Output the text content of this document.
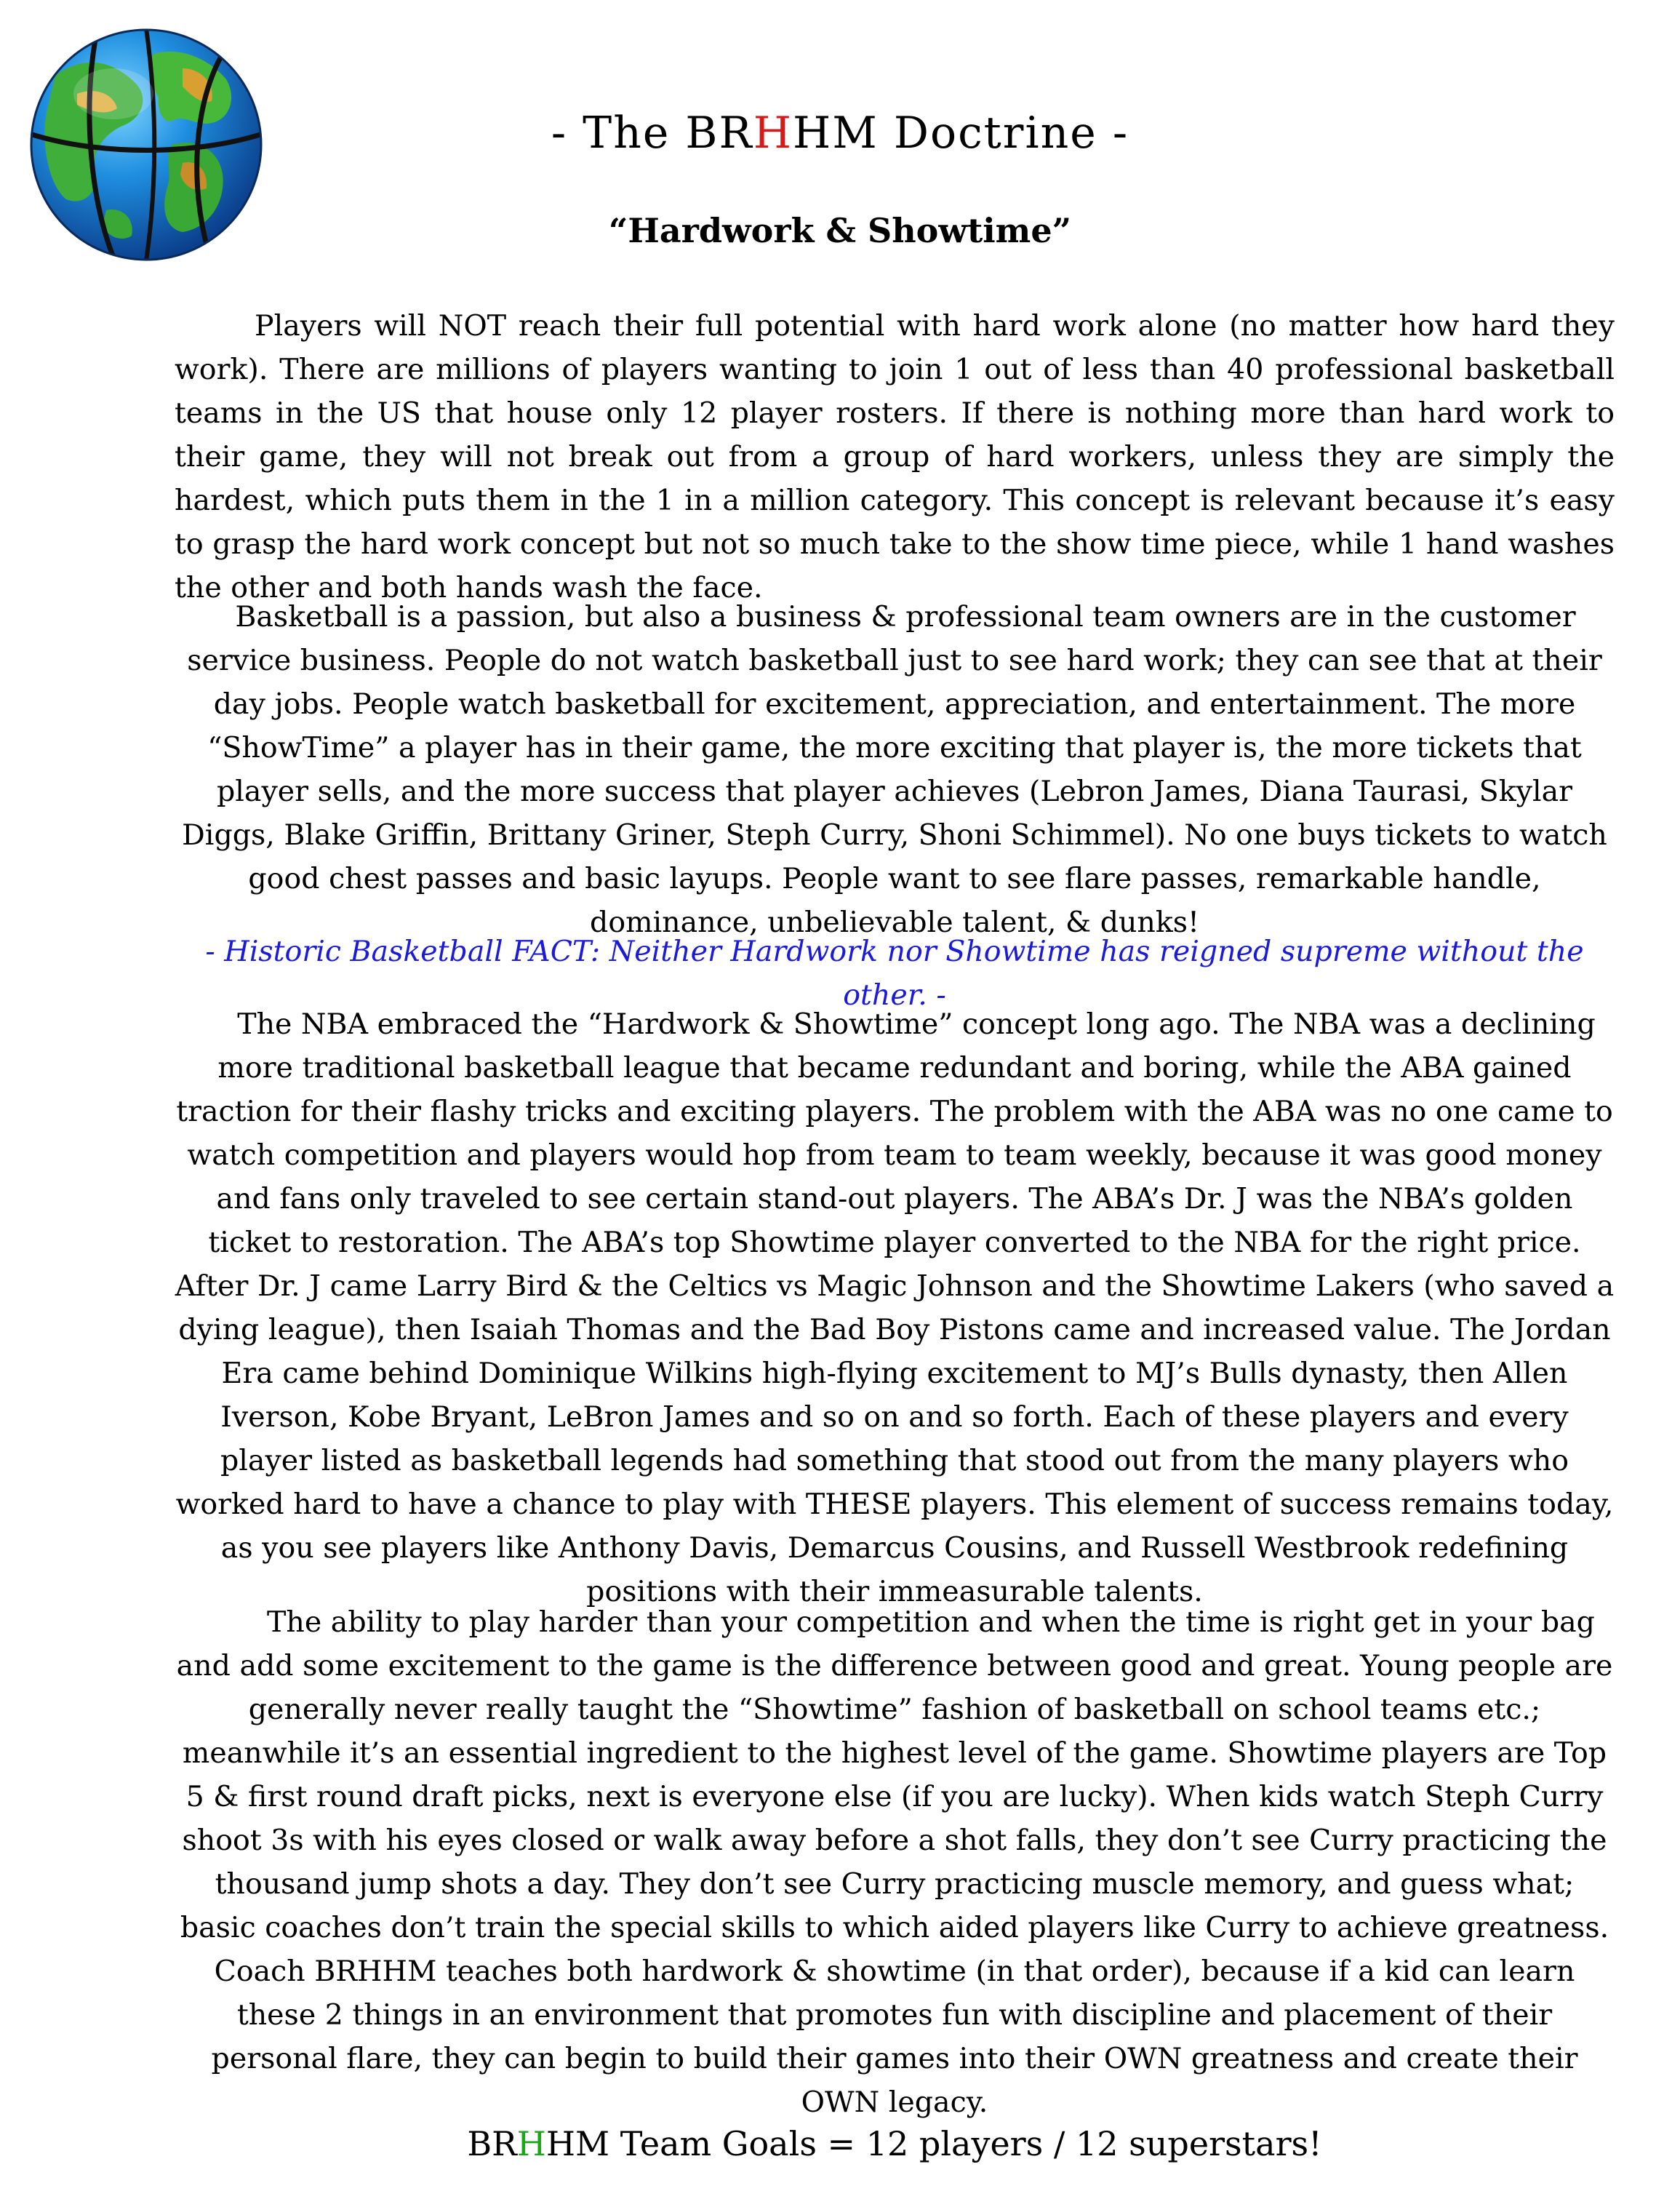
- The BRHHM Doctrine -
“Hardwork & Showtime”

Players will NOT reach their full potential with hard work alone (no matter how hard they work). There are millions of players wanting to join 1 out of less than 40 professional basketball teams in the US that house only 12 player rosters. If there is nothing more than hard work to their game, they will not break out from a group of hard workers, unless they are simply the hardest, which puts them in the 1 in a million category. This concept is relevant because it’s easy to grasp the hard work concept but not so much take to the show time piece, while 1 hand washes the other and both hands wash the face.

Basketball is a passion, but also a business & professional team owners are in the customer service business. People do not watch basketball just to see hard work; they can see that at their day jobs. People watch basketball for excitement, appreciation, and entertainment. The more “ShowTime” a player has in their game, the more exciting that player is, the more tickets that player sells, and the more success that player achieves (Lebron James, Diana Taurasi, Skylar Diggs, Blake Griffin, Brittany Griner, Steph Curry, Shoni Schimmel). No one buys tickets to watch good chest passes and basic layups. People want to see flare passes, remarkable handle, dominance, unbelievable talent, & dunks!

- Historic Basketball FACT: Neither Hardwork nor Showtime has reigned supreme without the other. -

The NBA embraced the “Hardwork & Showtime” concept long ago. The NBA was a declining more traditional basketball league that became redundant and boring, while the ABA gained traction for their flashy tricks and exciting players. The problem with the ABA was no one came to watch competition and players would hop from team to team weekly, because it was good money and fans only traveled to see certain stand-out players. The ABA’s Dr. J was the NBA’s golden ticket to restoration. The ABA’s top Showtime player converted to the NBA for the right price. After Dr. J came Larry Bird & the Celtics vs Magic Johnson and the Showtime Lakers (who saved a dying league), then Isaiah Thomas and the Bad Boy Pistons came and increased value. The Jordan Era came behind Dominique Wilkins high-flying excitement to MJ’s Bulls dynasty, then Allen Iverson, Kobe Bryant, LeBron James and so on and so forth. Each of these players and every player listed as basketball legends had something that stood out from the many players who worked hard to have a chance to play with THESE players. This element of success remains today, as you see players like Anthony Davis, Demarcus Cousins, and Russell Westbrook redefining positions with their immeasurable talents.

The ability to play harder than your competition and when the time is right get in your bag and add some excitement to the game is the difference between good and great. Young people are generally never really taught the “Showtime” fashion of basketball on school teams etc.; meanwhile it’s an essential ingredient to the highest level of the game. Showtime players are Top 5 & first round draft picks, next is everyone else (if you are lucky). When kids watch Steph Curry shoot 3s with his eyes closed or walk away before a shot falls, they don’t see Curry practicing the thousand jump shots a day. They don’t see Curry practicing muscle memory, and guess what; basic coaches don’t train the special skills to which aided players like Curry to achieve greatness. Coach BRHHM teaches both hardwork & showtime (in that order), because if a kid can learn these 2 things in an environment that promotes fun with discipline and placement of their personal flare, they can begin to build their games into their OWN greatness and create their OWN legacy.

BRHHM Team Goals = 12 players / 12 superstars!
